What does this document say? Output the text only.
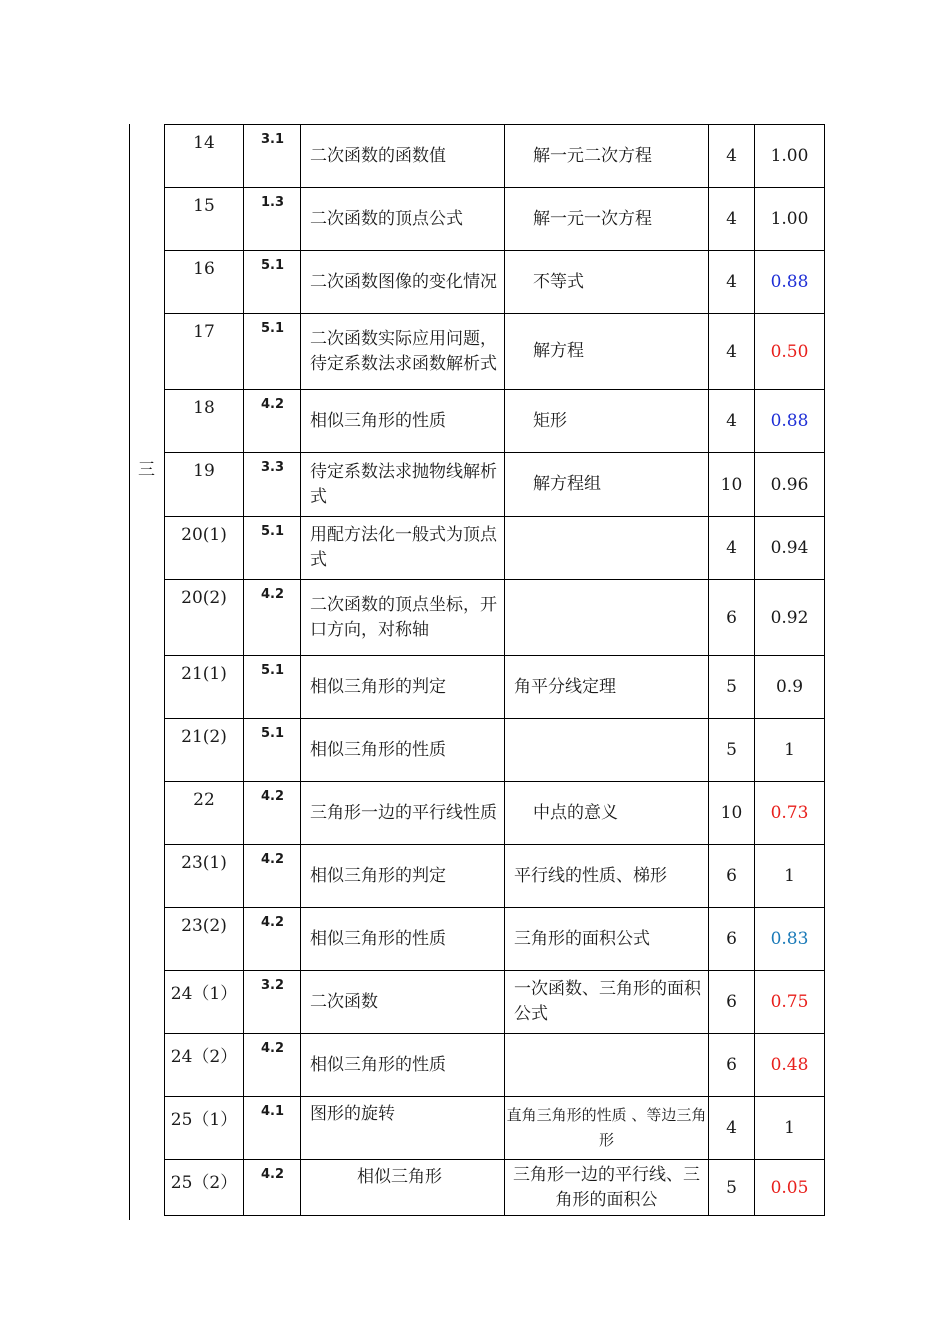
三
14	3.1	二次函数的函数值	解一元二次方程	4	1.00
15	1.3	二次函数的顶点公式	解一元一次方程	4	1.00
16	5.1	二次函数图像的变化情况	不等式	4	0.88
17	5.1	二次函数实际应用问题，待定系数法求函数解析式	解方程	4	0.50
18	4.2	相似三角形的性质	矩形	4	0.88
19	3.3	待定系数法求抛物线解析式	解方程组	10	0.96
20(1)	5.1	用配方法化一般式为顶点式		4	0.94
20(2)	4.2	二次函数的顶点坐标，开口方向，对称轴		6	0.92
21(1)	5.1	相似三角形的判定	角平分线定理	5	0.9
21(2)	5.1	相似三角形的性质		5	1
22	4.2	三角形一边的平行线性质	中点的意义	10	0.73
23(1)	4.2	相似三角形的判定	平行线的性质、梯形	6	1
23(2)	4.2	相似三角形的性质	三角形的面积公式	6	0.83
24（1）	3.2	二次函数	一次函数、三角形的面积公式	6	0.75
24（2）	4.2	相似三角形的性质		6	0.48
25（1）	4.1	图形的旋转	直角三角形的性质 、等边三角形	4	1
25（2）	4.2	相似三角形	三角形一边的平行线、三角形的面积公	5	0.05
